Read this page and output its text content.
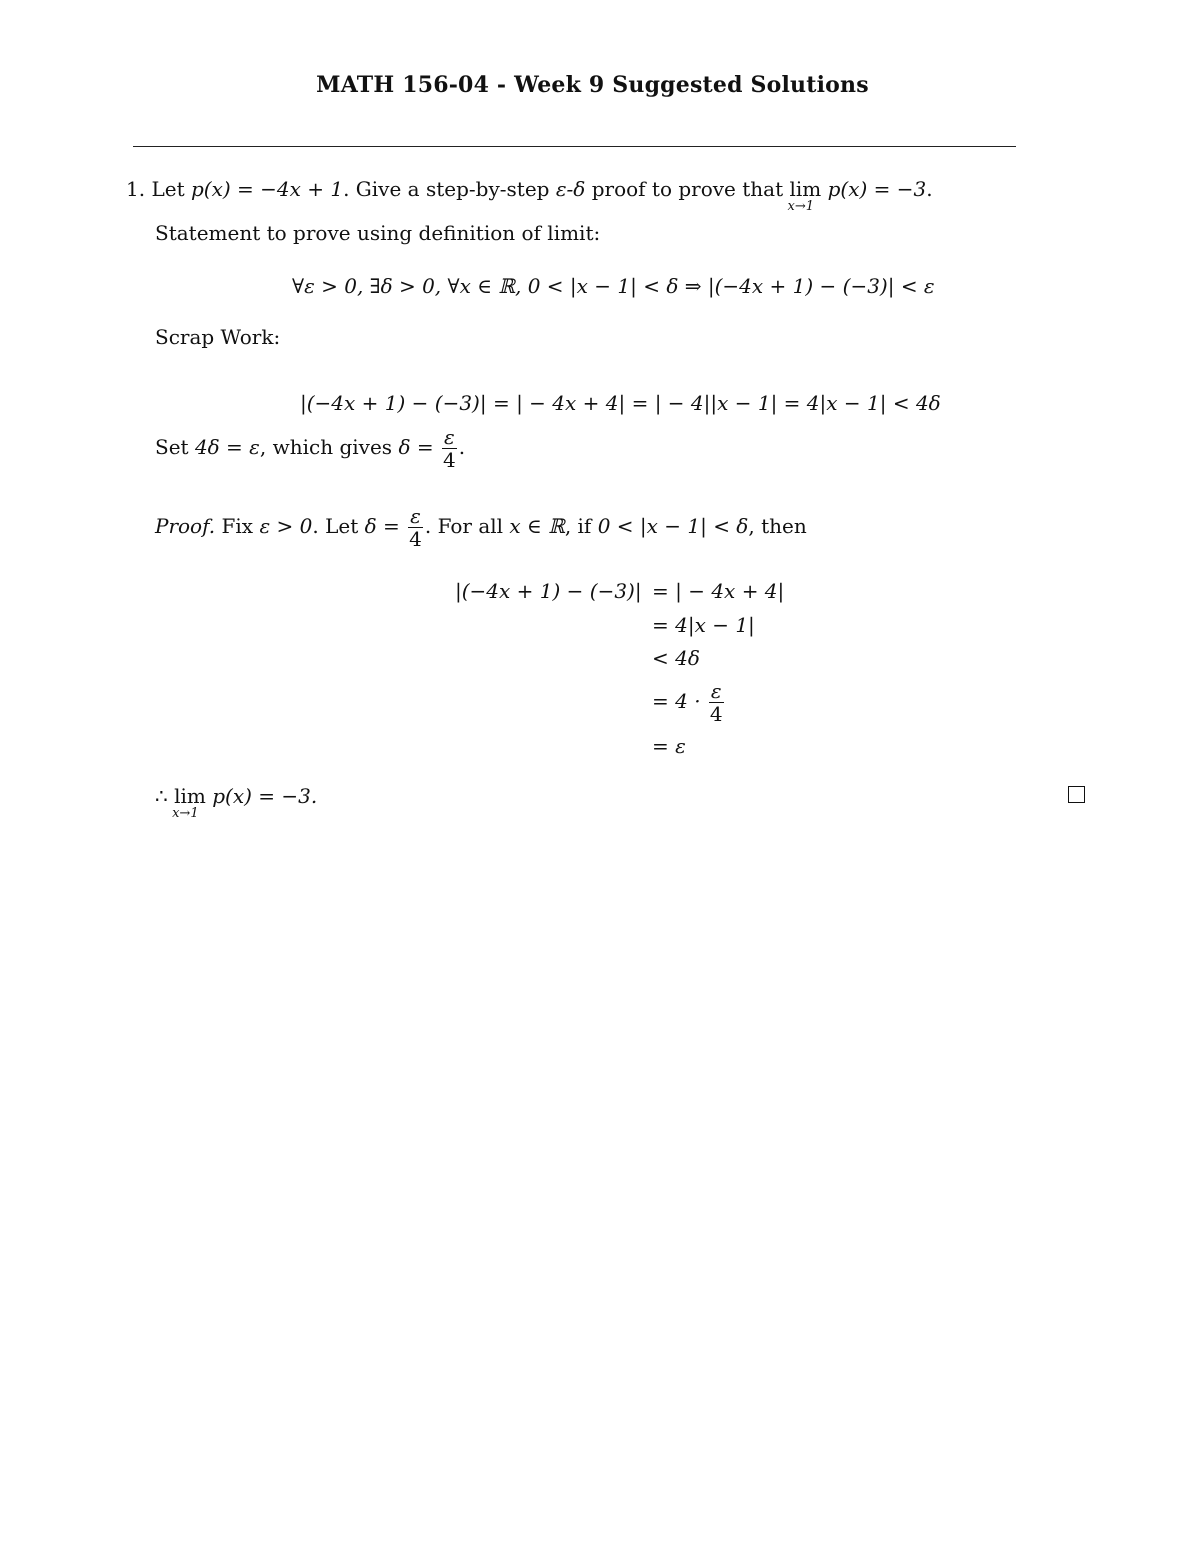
MATH 156-04 - Week 9 Suggested Solutions
1. Let p(x) = −4x + 1. Give a step-by-step ε-δ proof to prove that lim
x→1
p(x) = −3.
Statement to prove using definition of limit:
∀ε > 0, ∃δ > 0, ∀x ∈ ℝ, 0 < |x − 1| < δ ⇒ |(−4x + 1) − (−3)| < ε
Scrap Work:
|(−4x + 1) − (−3)| = | − 4x + 4| = | − 4||x − 1| = 4|x − 1| < 4δ
Set 4δ = ε, which gives $\delta = \frac{\varepsilon}{4}$ .
Proof. Fix ε > 0. Let $\delta = \frac{\varepsilon}{4}$ . For all x ∈ ℝ, if 0 < |x − 1| < δ, then
|(−4x + 1) − (−3)| = | − 4x + 4|
= 4|x − 1|
< 4δ
= $4 \cdot \frac{\varepsilon}{4}$
= ε
∴ lim
x→1
p(x) = −3.
